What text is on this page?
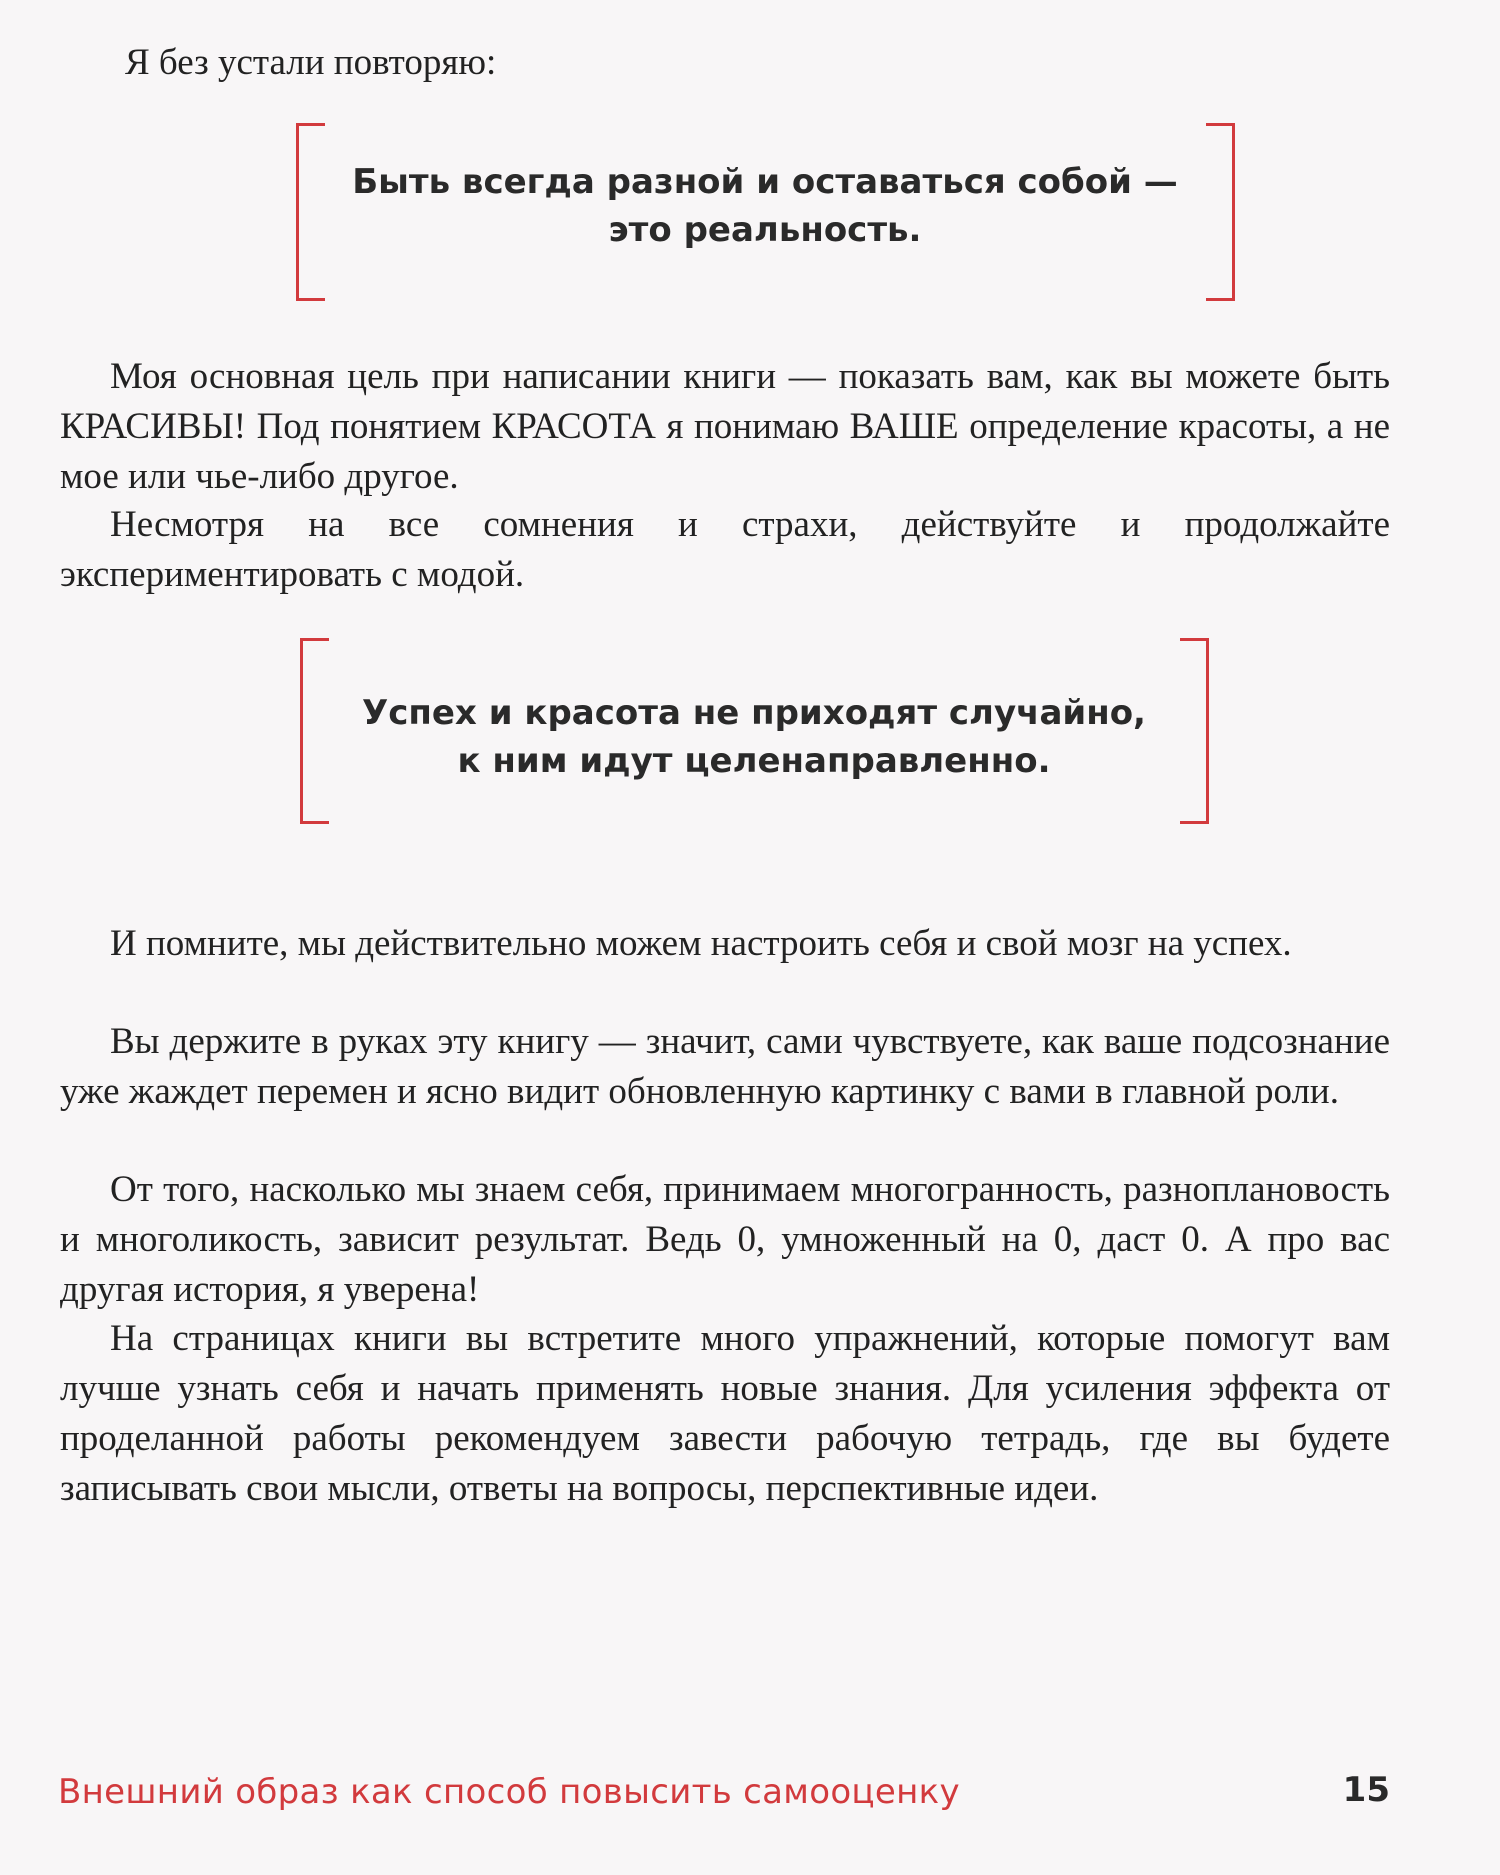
Я без устали повторяю:

Быть всегда разной и оставаться собой —
это реальность.

Моя основная цель при написании книги — показать вам, как вы можете быть КРАСИВЫ! Под понятием КРАСОТА я понимаю ВАШЕ определение красоты, а не мое или чье-либо другое.

Несмотря на все сомнения и страхи, действуйте и продолжайте экспериментировать с модой.

Успех и красота не приходят случайно,
к ним идут целенаправленно.

И помните, мы действительно можем настроить себя и свой мозг на успех.

Вы держите в руках эту книгу — значит, сами чувствуете, как ваше подсознание уже жаждет перемен и ясно видит обновленную картинку с вами в главной роли.

От того, насколько мы знаем себя, принимаем многогранность, разноплановость и многоликость, зависит результат. Ведь 0, умноженный на 0, даст 0. А про вас другая история, я уверена!

На страницах книги вы встретите много упражнений, которые помогут вам лучше узнать себя и начать применять новые знания. Для усиления эффекта от проделанной работы рекомендуем завести рабочую тетрадь, где вы будете записывать свои мысли, ответы на вопросы, перспективные идеи.

Внешний образ как способ повысить самооценку	15
